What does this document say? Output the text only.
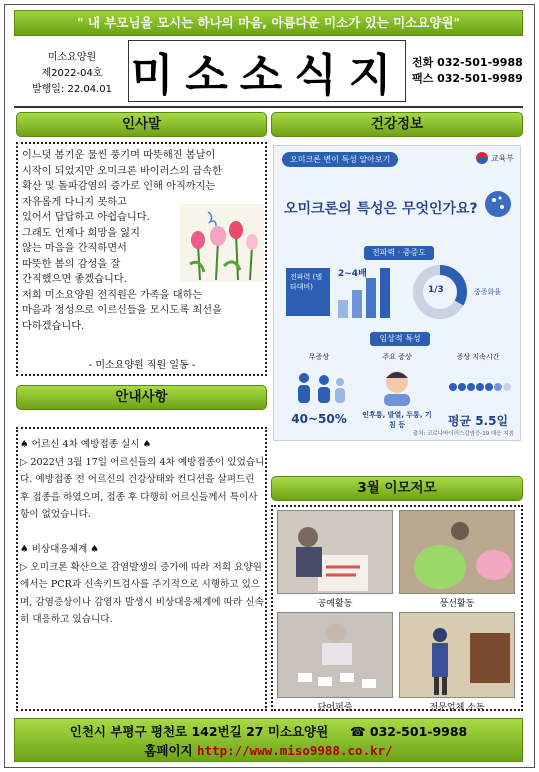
" 내 부모님을 모시는 하나의 마음, 아름다운 미소가 있는 미소요양원"
미소요양원
제2022-04호
발행일: 22.04.01 미소소식지 전화 032-501-9988
팩스 032-501-9989
인사말
이느덧 봄기운 물씬 풍기며 따뜻해진 봄날이
시작이 되었지만 오미크론 바이러스의 급속한
확산 및 돌파감염의 증가로 인해 아직까지는
자유롭게 다니지 못하고
있어서 답답하고 아쉽습니다.
그래도 언제나 희망을 잃지
않는 마음을 간직하면서
따뜻한 봄의 감성을 잘
간직했으면 좋겠습니다.
저희 미소요양원 전직원은 가족을 대하는
마음과 정성으로 이르신들을 모시도록 최선을
다하겠습니다.
- 미소요양원 직원 일동 -
안내사항
♠ 어르신 4차 예방접종 실시 ♠
▷ 2022년 3월 17일 어르신들의 4차 예방접종이 있었습니다. 예방접종 전 어르신의 건강상태와 컨디션을 살펴드린 후 접종을 하였으며, 접종 후 다행히 어르신들께서 특이사항이 없었습니다.
♠ 비상대응체계 ♠
▷ 오미크론 확산으로 감염발생의 증가에 따라 저희 요양원에서는 PCR과 신속키트검사를 주기적으로 시행하고 있으며, 감염증상이나 감염자 발생시 비상대응체계에 따라 신속히 대응하고 있습니다.
건강정보
오미크론 변이 특성 알아보기	교육부
오미크론의 특성은 무엇인가요?
전파력 · 중증도
전파력 (델타대비)
2~4배
1/3	중증화율
임상적 특성
무증상	주요 증상	증상 지속시간
40~50%	인후통, 발열, 두통, 기침 등	평균 5.5일
출처: 코로나바이러스감염증-19 대응 지침
3월 이모저모
공예활동	풍선활동
단어퍼즐	전문업체 소독
인천시 부평구 평천로 142번길 27 미소요양원 ☎ 032-501-9988
홈페이지 http://www.miso9988.co.kr/
